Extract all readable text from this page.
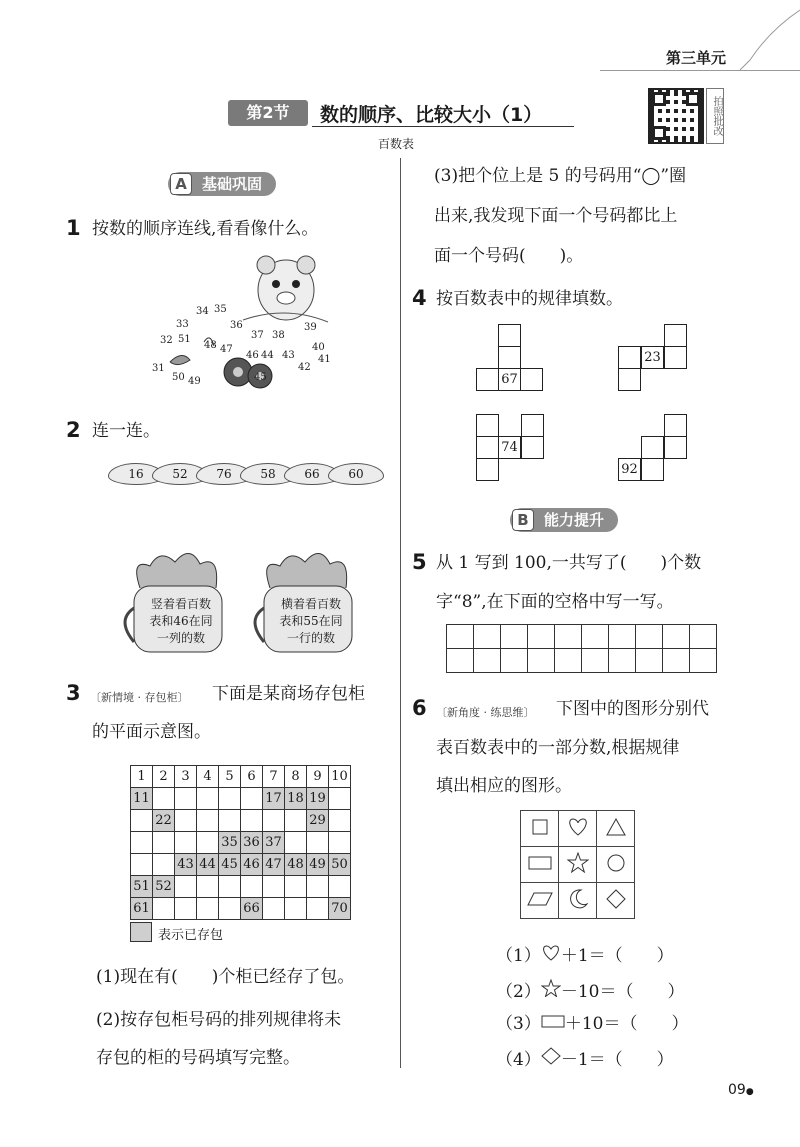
第三单元
第2节	数的顺序、比较大小（1）
百数表
拍照批改
A	基础巩固
1 按数的顺序连线,看看像什么。
34 35
33	36
37 38
39
40
32 51
48 47
46 44 43 41
31
50 49	45
42
2 连一连。
16	52	76	58	66	60
竖着看百数
表和46在同
一列的数
横着看百数
表和55在同
一行的数
3 〔新情境 · 存包柜〕 下面是某商场存包柜
的平面示意图。
1	2	3	4	5	6	7	8	9	10
11						17	18	19	
	22							29	
				35	36	37			
		43	44	45	46	47	48	49	50
51	52								
61					66				70
表示已存包
(1)现在有(　　)个柜已经存了包。
(2)按存包柜号码的排列规律将未
存包的柜的号码填写完整。
(3)把个位上是 5 的号码用“◯”圈
出来,我发现下面一个号码都比上
面一个号码(　　)。
4 按百数表中的规律填数。
67
23
74
92
B	能力提升
5 从 1 写到 100,一共写了(　　)个数
字“8”,在下面的空格中写一写。

6 〔新角度 · 练思维〕 下图中的图形分别代
表百数表中的一部分数,根据规律
填出相应的图形。

（1） ＋1＝（　　）
（2） －10＝（　　）
（3） ＋10＝（　　）
（4） －1＝（　　）
09●
